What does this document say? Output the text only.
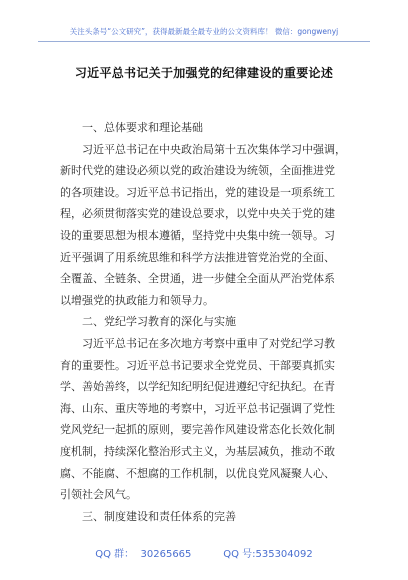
关注头条号“公文研究”，获得最新最全最专业的公文资料库！ 微信：gongwenyj
习近平总书记关于加强党的纪律建设的重要论述
一、总体要求和理论基础
习近平总书记在中央政治局第十五次集体学习中强调，
新时代党的建设必须以党的政治建设为统领，全面推进党
的各项建设。习近平总书记指出，党的建设是一项系统工
程，必须贯彻落实党的建设总要求，以党中央关于党的建
设的重要思想为根本遵循，坚持党中央集中统一领导。习
近平强调了用系统思维和科学方法推进管党治党的全面、
全覆盖、全链条、全贯通，进一步健全全面从严治党体系
以增强党的执政能力和领导力。
二、党纪学习教育的深化与实施
习近平总书记在多次地方考察中重申了对党纪学习教
育的重要性。习近平总书记要求全党党员、干部要真抓实
学、善始善终，以学纪知纪明纪促进遵纪守纪执纪。在青
海、山东、重庆等地的考察中，习近平总书记强调了党性
党风党纪一起抓的原则，要完善作风建设常态化长效化制
度机制，持续深化整治形式主义，为基层减负，推动不敢
腐、不能腐、不想腐的工作机制，以优良党风凝聚人心、
引领社会风气。
三、制度建设和责任体系的完善
QQ 群：  30265665          QQ 号:535304092
